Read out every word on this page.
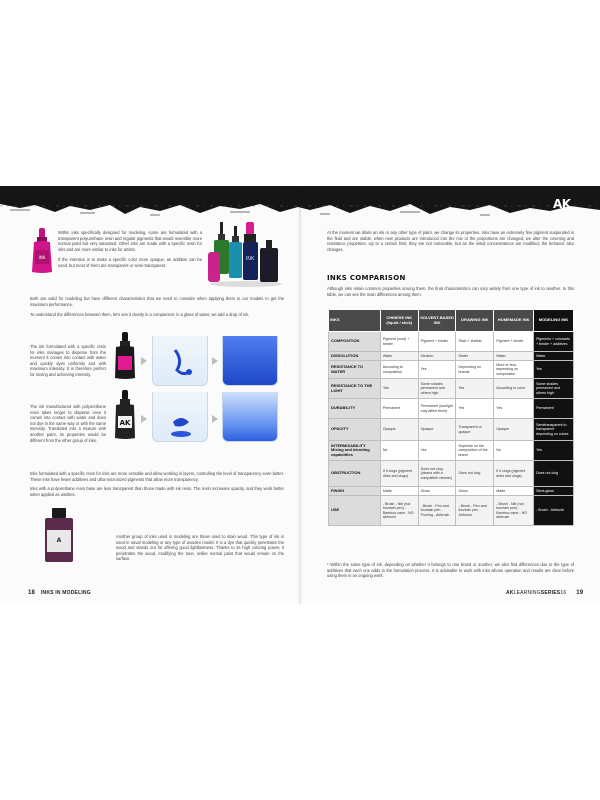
AK
INK
Within inks specifically designed for modeling, some are formulated with a transparent polyurethane resin and regular pigments that would resemble more normal paint but very saturated. Other inks are made with a specific resin for inks and are more similar to inks for artists.
If the intention is to make a specific color more opaque, an additive can be used, but most of them are transparent or semi-transparent.
INK
Both are valid for modeling but have different characteristics that we need to consider when applying them to our models to get the maximum performance.
To understand the differences between them, let's see it clearly in a comparison: in a glass of water, we add a drop of ink.
The ink formulated with a specific resin for inks manages to disperse from the moment it comes into contact with water and quickly dyes uniformly and with maximum intensity. It is therefore perfect for mixing and achieving intensity.
The ink manufactured with polyurethane resin takes longer to disperse once it comes into contact with water and does not dye in the same way or with the same intensity. Translated into a mixture with another paint, its properties would be different from the other group of inks.
AK
Inks formulated with a specific resin for inks are more versatile and allow working in layers, controlling the level of transparency even better. These inks have fewer additives and ultra-micronized pigments that allow more transparency.
Inks with a polyurethane resin base are less transparent than those made with ink resin. The resin increases opacity, and they work better when applied as washes.
A
Another group of inks used in modeling are those used to stain wood. This type of ink is used in naval modeling or any type of wooden model. It is a dye that quickly penetrates the wood and stands out for offering good lightfastness. Thanks to its high coloring power, it penetrates the wood, modifying the tone, unlike normal paint that would remain on the surface.
18 INKS IN MODELING
At the moment we dilute an ink or any other type of paint, we change its properties. Inks have an extremely fine pigment suspended in the fluid and are stable; when new products are introduced into the mix or the proportions are changed, we alter the covering and resistance properties. Up to a certain limit, they are not noticeable, but as the initial concentrations are modified, the behavior also changes.
INKS COMPARISON
Although inks retain common properties among them, the final characteristics can vary widely from one type of ink to another. In this table, we can see the main differences among them.
INKS	CHINESE INK (liquid / stick)	SOLVENT-BASED INK	DRAWING INK	HOMEMADE INK	MODELING INK
COMPOSITION	Pigment (soot) + binder	Pigment + binder	Stain + shellac	Pigment + binder	Pigments + colorants + binder + additives
DISSOLUTION	Water	Medium	Water	Water	Water
RESISTANCE TO WATER	According to composition	Yes	Depending on brands	More or less, depending on composition	Yes
RESISTANCE TO THE LIGHT	Yes	Some shades permanent and others high	Yes	According to color	Some shades permanent and others high
DURABILITY	Permanent	Permanent (sunlight may affect them)	Yes	Yes	Permanent
OPACITY	Opaque	Opaque	Transparent or opaque	Opaque	Semitransparent to transparent depending on colors
INTERMIXABILITY Mixing and blending capabilities	No	Yes	Depends on the composition of the brand	No	Yes
OBSTRUCTION	If it clogs (pigment dries and clogs)	Does not clog (cleans with a compatible cleaner)	Does not clog	If it clogs (pigment dries and clogs)	Does not clog
FINISH	Matte	Gloss	Gloss	Matte	Semi-gloss
USE	- Brush - Nib (not fountain pen) - Bamboo cane - NO airbrush	- Brush - Pen and fountain pen - Pouring - Airbrush	- Brush - Pen and fountain pen - Airbrush	- Brush - Nib (not fountain pen) - Bamboo cane - NO airbrush	- Brush - Airbrush
* Within the same type of ink, depending on whether it belongs to one brand or another, we also find differences due to the type of additives that each one adds in the formulation process. It is advisable to work with inks whose operation and results are clear before using them in an ongoing work.
AKLEARNINGSERIES16 19
